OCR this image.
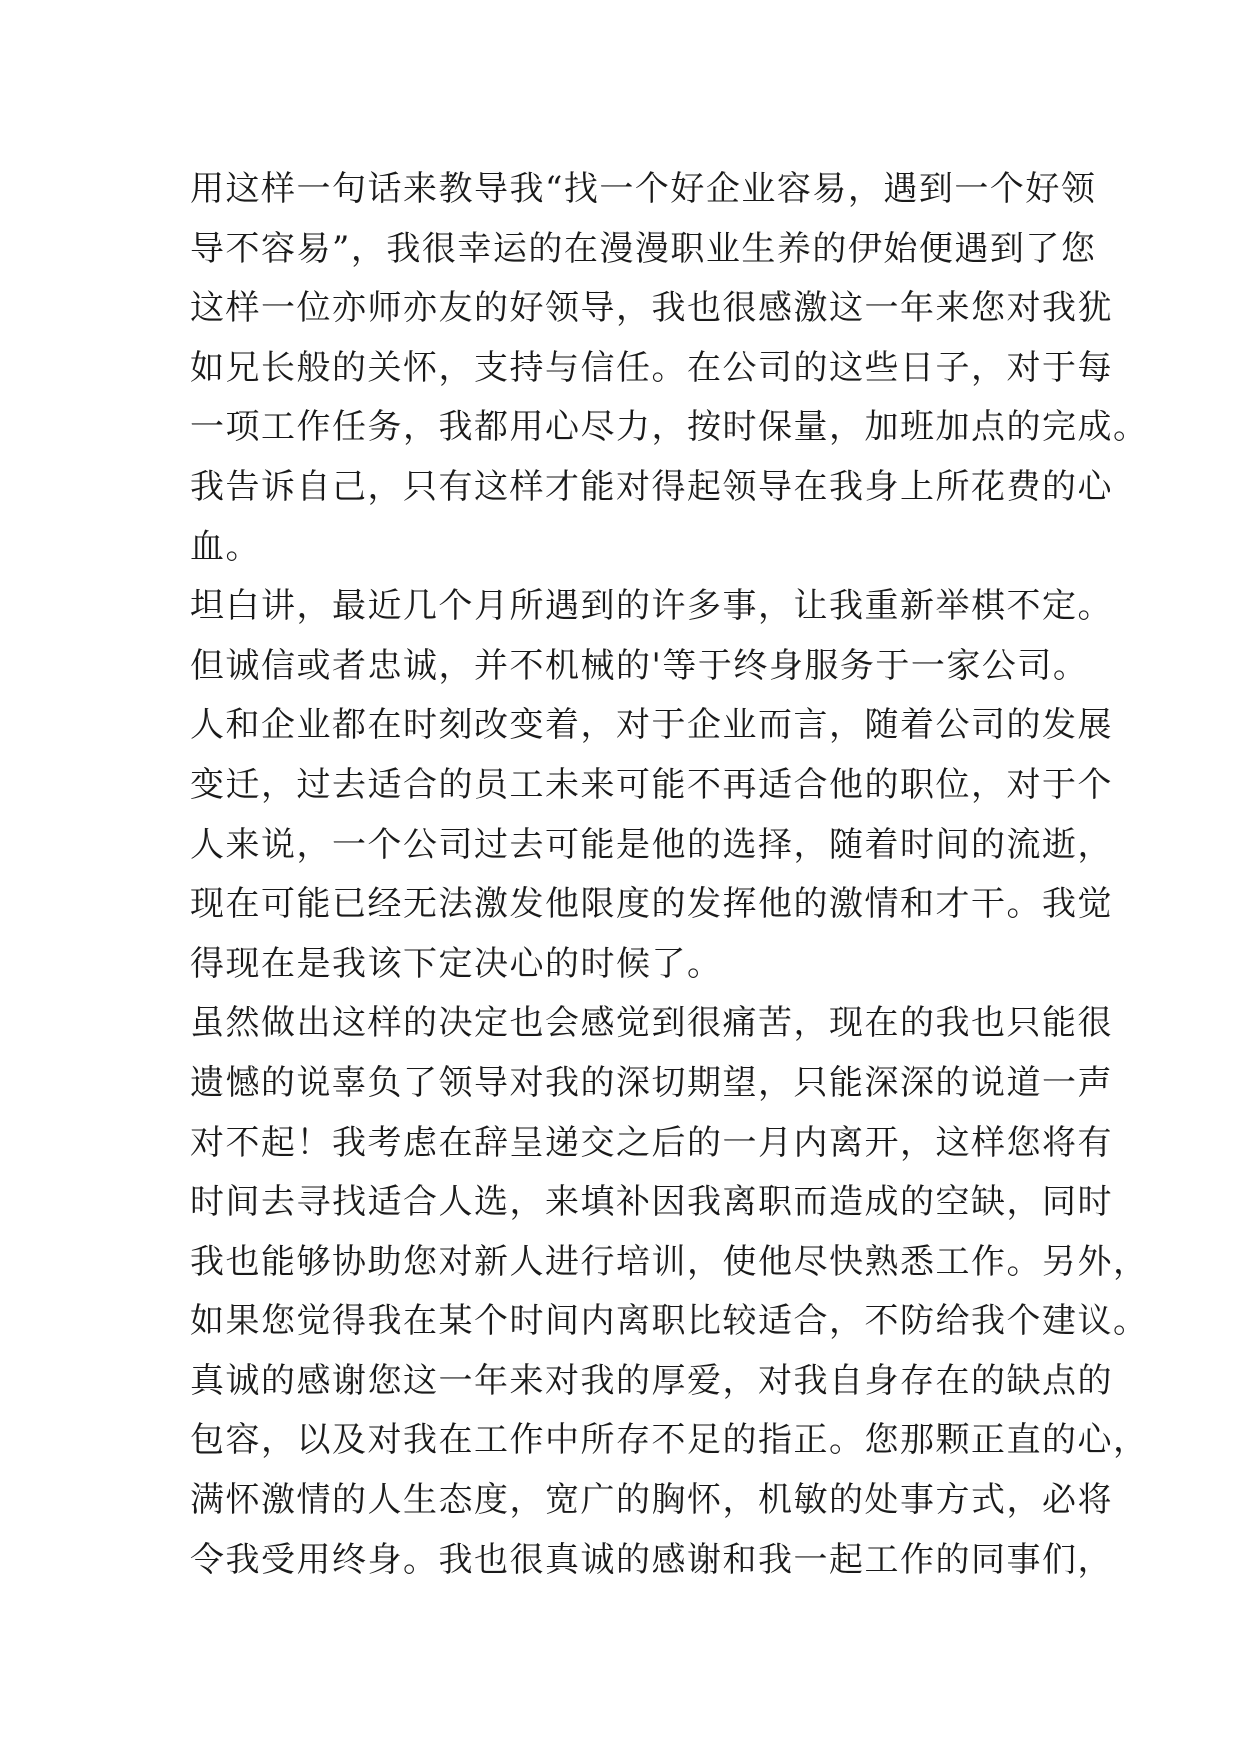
用这样一句话来教导我“找一个好企业容易，遇到一个好领
导不容易”，我很幸运的在漫漫职业生养的伊始便遇到了您
这样一位亦师亦友的好领导，我也很感激这一年来您对我犹
如兄长般的关怀，支持与信任。在公司的这些日子，对于每
一项工作任务，我都用心尽力，按时保量，加班加点的完成。
我告诉自己，只有这样才能对得起领导在我身上所花费的心
血。
坦白讲，最近几个月所遇到的许多事，让我重新举棋不定。
但诚信或者忠诚，并不机械的'等于终身服务于一家公司。
人和企业都在时刻改变着，对于企业而言，随着公司的发展
变迁，过去适合的员工未来可能不再适合他的职位，对于个
人来说，一个公司过去可能是他的选择，随着时间的流逝，
现在可能已经无法激发他限度的发挥他的激情和才干。我觉
得现在是我该下定决心的时候了。
虽然做出这样的决定也会感觉到很痛苦，现在的我也只能很
遗憾的说辜负了领导对我的深切期望，只能深深的说道一声
对不起！我考虑在辞呈递交之后的一月内离开，这样您将有
时间去寻找适合人选，来填补因我离职而造成的空缺，同时
我也能够协助您对新人进行培训，使他尽快熟悉工作。另外，
如果您觉得我在某个时间内离职比较适合，不防给我个建议。
真诚的感谢您这一年来对我的厚爱，对我自身存在的缺点的
包容，以及对我在工作中所存不足的指正。您那颗正直的心，
满怀激情的人生态度，宽广的胸怀，机敏的处事方式，必将
令我受用终身。我也很真诚的感谢和我一起工作的同事们，
